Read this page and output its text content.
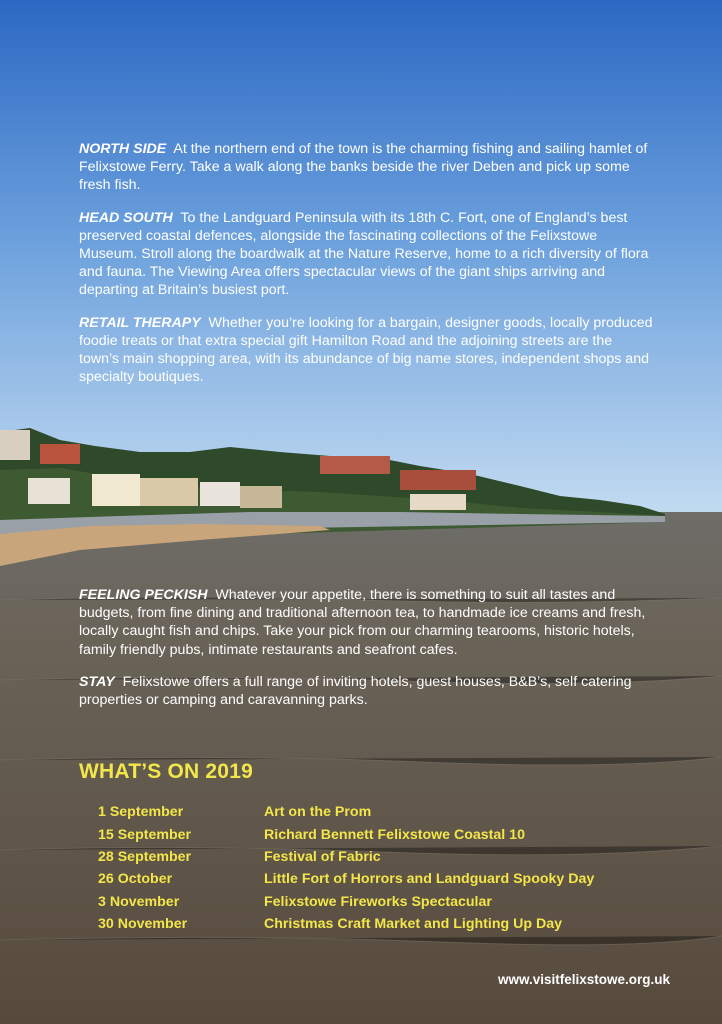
NORTH SIDE At the northern end of the town is the charming fishing and sailing hamlet of Felixstowe Ferry. Take a walk along the banks beside the river Deben and pick up some fresh fish.

HEAD SOUTH To the Landguard Peninsula with its 18th C. Fort, one of England’s best preserved coastal defences, alongside the fascinating collections of the Felixstowe Museum. Stroll along the boardwalk at the Nature Reserve, home to a rich diversity of flora and fauna. The Viewing Area offers spectacular views of the giant ships arriving and departing at Britain’s busiest port.

RETAIL THERAPY Whether you’re looking for a bargain, designer goods, locally produced foodie treats or that extra special gift Hamilton Road and the adjoining streets are the town’s main shopping area, with its abundance of big name stores, independent shops and specialty boutiques.

FEELING PECKISH Whatever your appetite, there is something to suit all tastes and budgets, from fine dining and traditional afternoon tea, to handmade ice creams and fresh, locally caught fish and chips. Take your pick from our charming tearooms, historic hotels, family friendly pubs, intimate restaurants and seafront cafes.

STAY Felixstowe offers a full range of inviting hotels, guest houses, B&B’s, self catering properties or camping and caravanning parks.

WHAT’S ON 2019
1 September	Art on the Prom
15 September	Richard Bennett Felixstowe Coastal 10
28 September	Festival of Fabric
26 October	Little Fort of Horrors and Landguard Spooky Day
3 November	Felixstowe Fireworks Spectacular
30 November	Christmas Craft Market and Lighting Up Day
www.visitfelixstowe.org.uk
